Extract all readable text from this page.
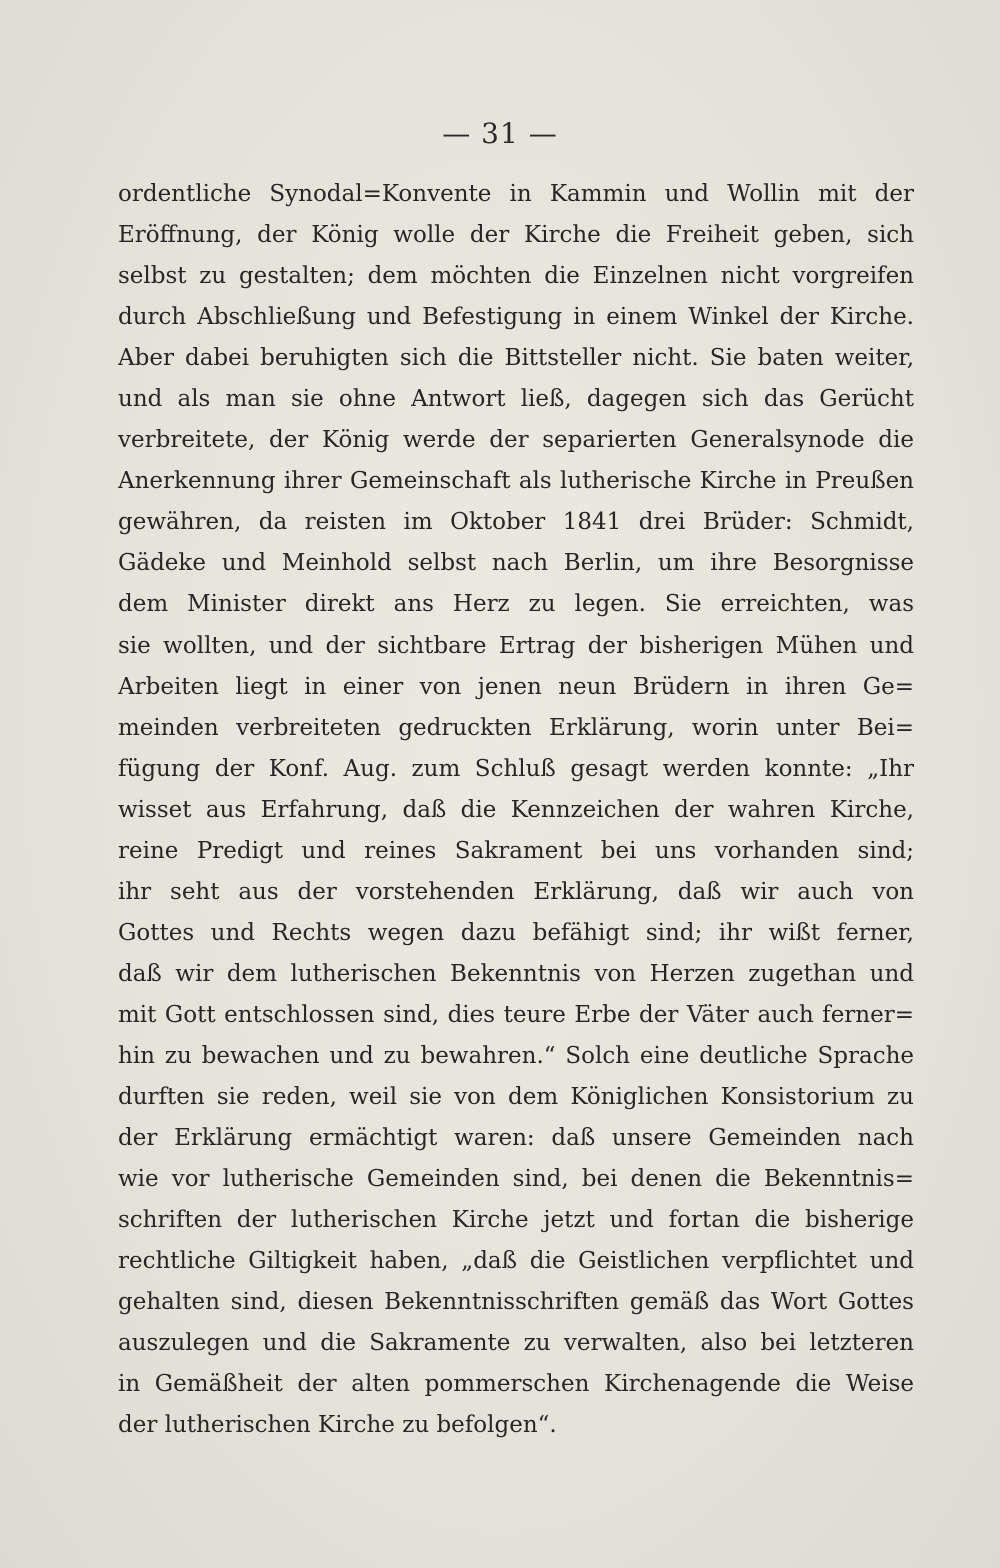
— 31 —
ordentliche Synodal=Konvente in Kammin und Wollin mit der
Eröffnung, der König wolle der Kirche die Freiheit geben, sich
selbst zu gestalten; dem möchten die Einzelnen nicht vorgreifen
durch Abschließung und Befestigung in einem Winkel der Kirche.
Aber dabei beruhigten sich die Bittsteller nicht. Sie baten weiter,
und als man sie ohne Antwort ließ, dagegen sich das Gerücht
verbreitete, der König werde der separierten Generalsynode die
Anerkennung ihrer Gemeinschaft als lutherische Kirche in Preußen
gewähren, da reisten im Oktober 1841 drei Brüder: Schmidt,
Gädeke und Meinhold selbst nach Berlin, um ihre Besorgnisse
dem Minister direkt ans Herz zu legen. Sie erreichten, was
sie wollten, und der sichtbare Ertrag der bisherigen Mühen und
Arbeiten liegt in einer von jenen neun Brüdern in ihren Ge=
meinden verbreiteten gedruckten Erklärung, worin unter Bei=
fügung der Konf. Aug. zum Schluß gesagt werden konnte: „Ihr
wisset aus Erfahrung, daß die Kennzeichen der wahren Kirche,
reine Predigt und reines Sakrament bei uns vorhanden sind;
ihr seht aus der vorstehenden Erklärung, daß wir auch von
Gottes und Rechts wegen dazu befähigt sind; ihr wißt ferner,
daß wir dem lutherischen Bekenntnis von Herzen zugethan und
mit Gott entschlossen sind, dies teure Erbe der Väter auch ferner=
hin zu bewachen und zu bewahren.“ Solch eine deutliche Sprache
durften sie reden, weil sie von dem Königlichen Konsistorium zu
der Erklärung ermächtigt waren: daß unsere Gemeinden nach
wie vor lutherische Gemeinden sind, bei denen die Bekenntnis=
schriften der lutherischen Kirche jetzt und fortan die bisherige
rechtliche Giltigkeit haben, „daß die Geistlichen verpflichtet und
gehalten sind, diesen Bekenntnisschriften gemäß das Wort Gottes
auszulegen und die Sakramente zu verwalten, also bei letzteren
in Gemäßheit der alten pommerschen Kirchenagende die Weise
der lutherischen Kirche zu befolgen“.
